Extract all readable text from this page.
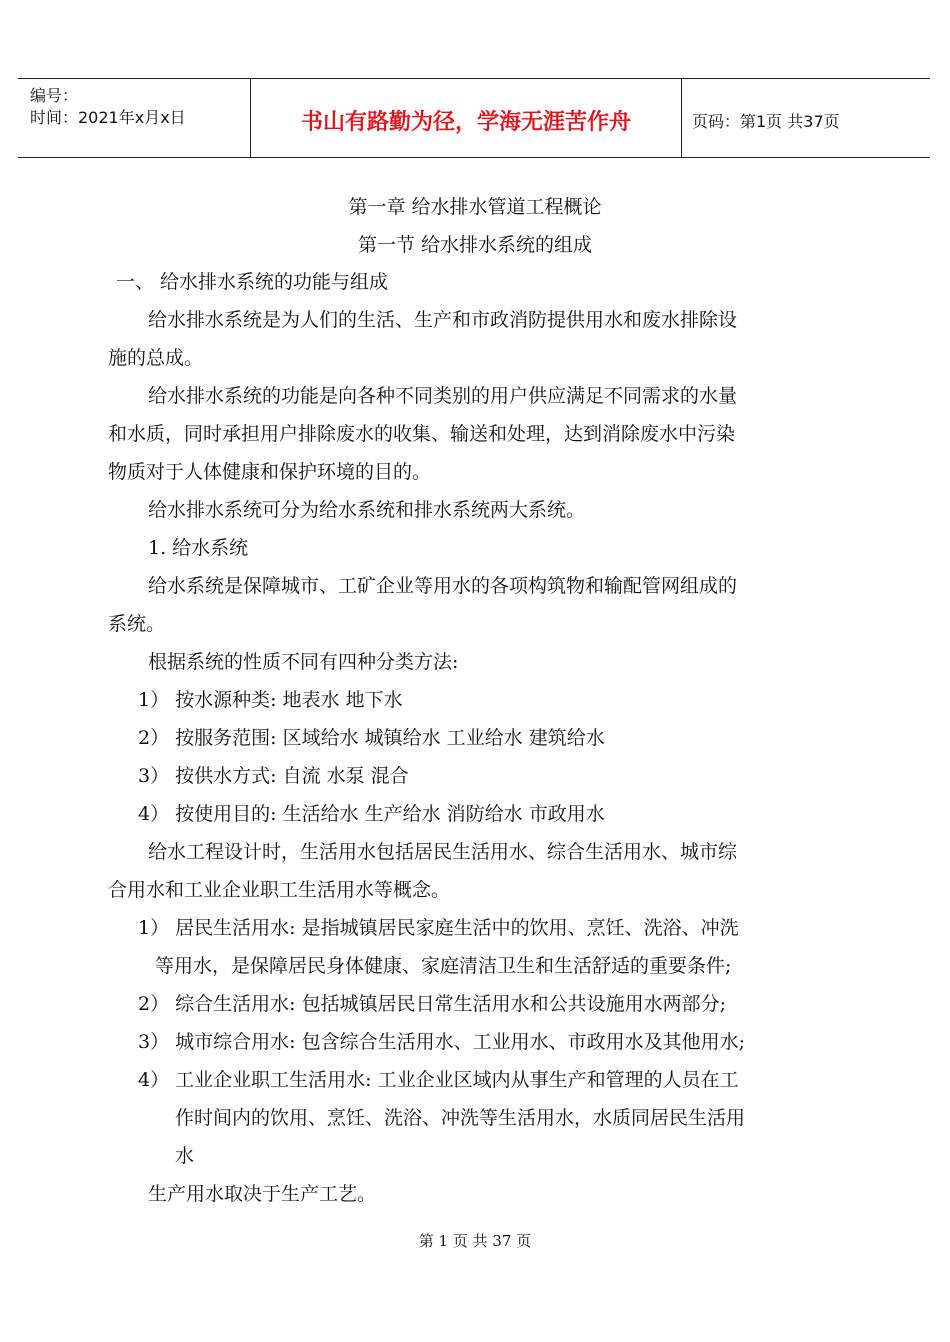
编号：
时间：2021年x月x日	书山有路勤为径，学海无涯苦作舟	页码：第1页 共37页
第一章 给水排水管道工程概论
第一节 给水排水系统的组成
一、 给水排水系统的功能与组成
给水排水系统是为人们的生活、生产和市政消防提供用水和废水排除设
施的总成。
给水排水系统的功能是向各种不同类别的用户供应满足不同需求的水量
和水质，同时承担用户排除废水的收集、输送和处理，达到消除废水中污染
物质对于人体健康和保护环境的目的。
给水排水系统可分为给水系统和排水系统两大系统。
1. 给水系统
给水系统是保障城市、工矿企业等用水的各项构筑物和输配管网组成的
系统。
根据系统的性质不同有四种分类方法:
1） 按水源种类: 地表水 地下水
2） 按服务范围: 区域给水 城镇给水 工业给水 建筑给水
3） 按供水方式: 自流 水泵 混合
4） 按使用目的: 生活给水 生产给水 消防给水 市政用水
给水工程设计时，生活用水包括居民生活用水、综合生活用水、城市综
合用水和工业企业职工生活用水等概念。
1） 居民生活用水: 是指城镇居民家庭生活中的饮用、烹饪、洗浴、冲洗
等用水，是保障居民身体健康、家庭清洁卫生和生活舒适的重要条件;
2） 综合生活用水: 包括城镇居民日常生活用水和公共设施用水两部分;
3） 城市综合用水: 包含综合生活用水、工业用水、市政用水及其他用水;
4） 工业企业职工生活用水: 工业企业区域内从事生产和管理的人员在工
作时间内的饮用、烹饪、洗浴、冲洗等生活用水，水质同居民生活用
水
生产用水取决于生产工艺。
第 1 页 共 37 页
